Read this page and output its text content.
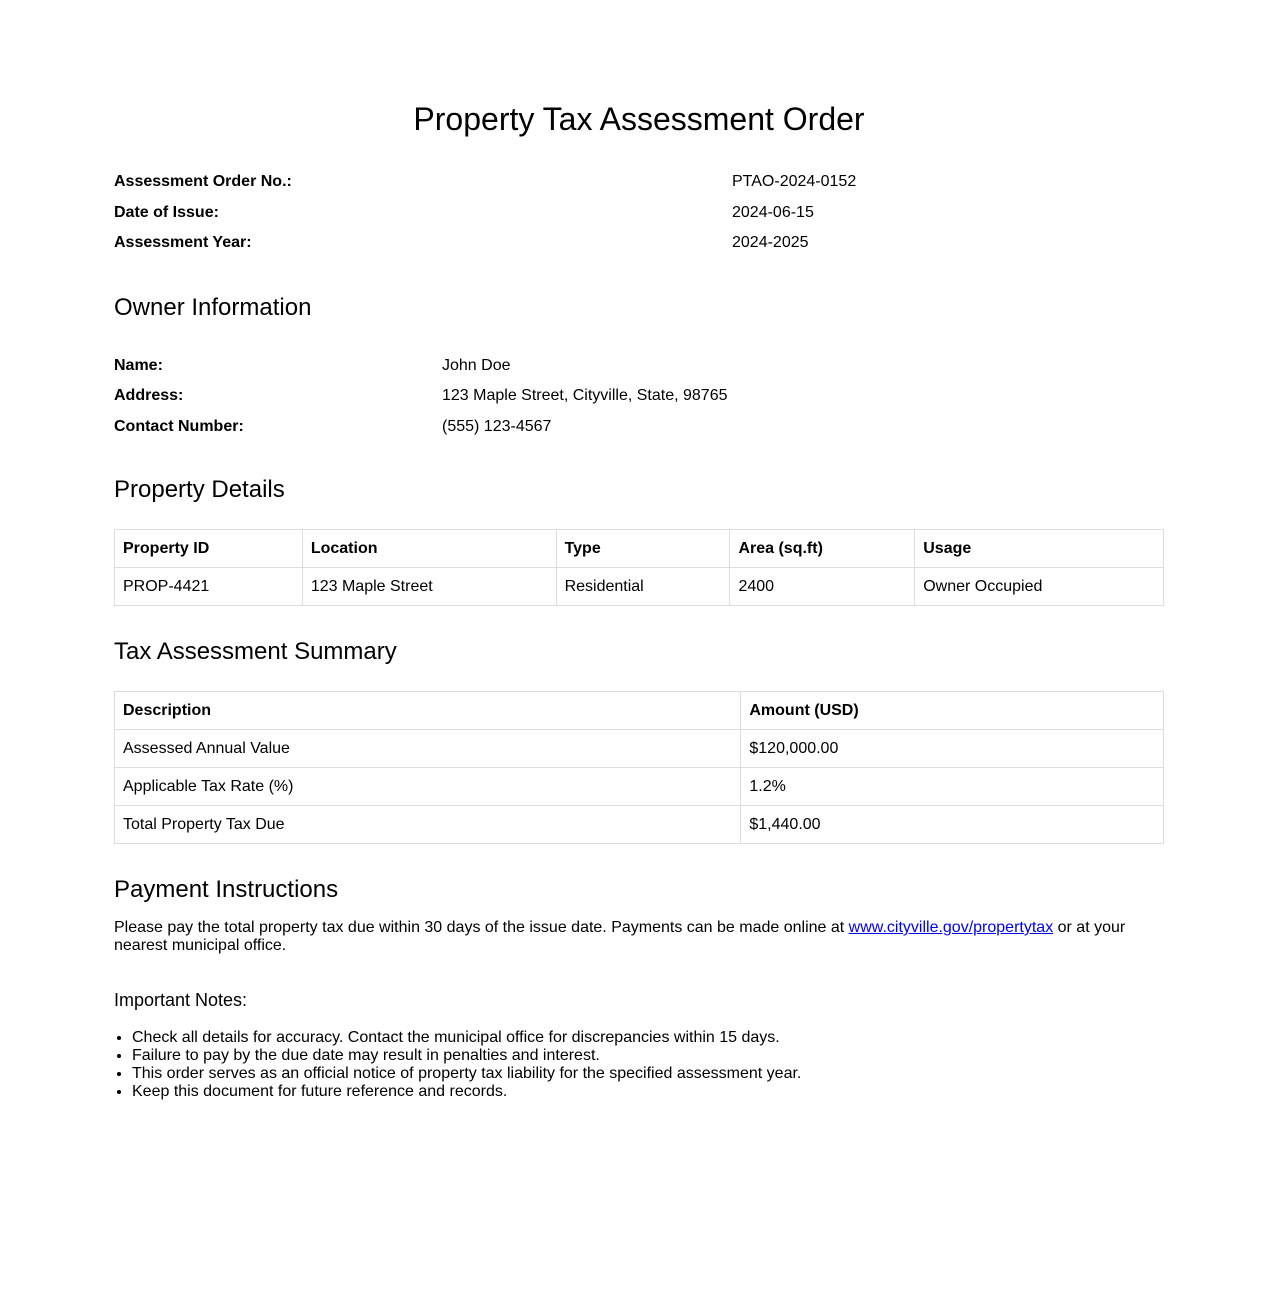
Property Tax Assessment Order
Assessment Order No.:	PTAO-2024-0152
Date of Issue:	2024-06-15
Assessment Year:	2024-2025
Owner Information
Name:	John Doe
Address:	123 Maple Street, Cityville, State, 98765
Contact Number:	(555) 123-4567
Property Details
Property ID	Location	Type	Area (sq.ft)	Usage
PROP-4421	123 Maple Street	Residential	2400	Owner Occupied
Tax Assessment Summary
Description	Amount (USD)
Assessed Annual Value	$120,000.00
Applicable Tax Rate (%)	1.2%
Total Property Tax Due	$1,440.00
Payment Instructions

Please pay the total property tax due within 30 days of the issue date. Payments can be made online at www.cityville.gov/propertytax or at your nearest municipal office.

Important Notes:
• Check all details for accuracy. Contact the municipal office for discrepancies within 15 days.
• Failure to pay by the due date may result in penalties and interest.
• This order serves as an official notice of property tax liability for the specified assessment year.
• Keep this document for future reference and records.
